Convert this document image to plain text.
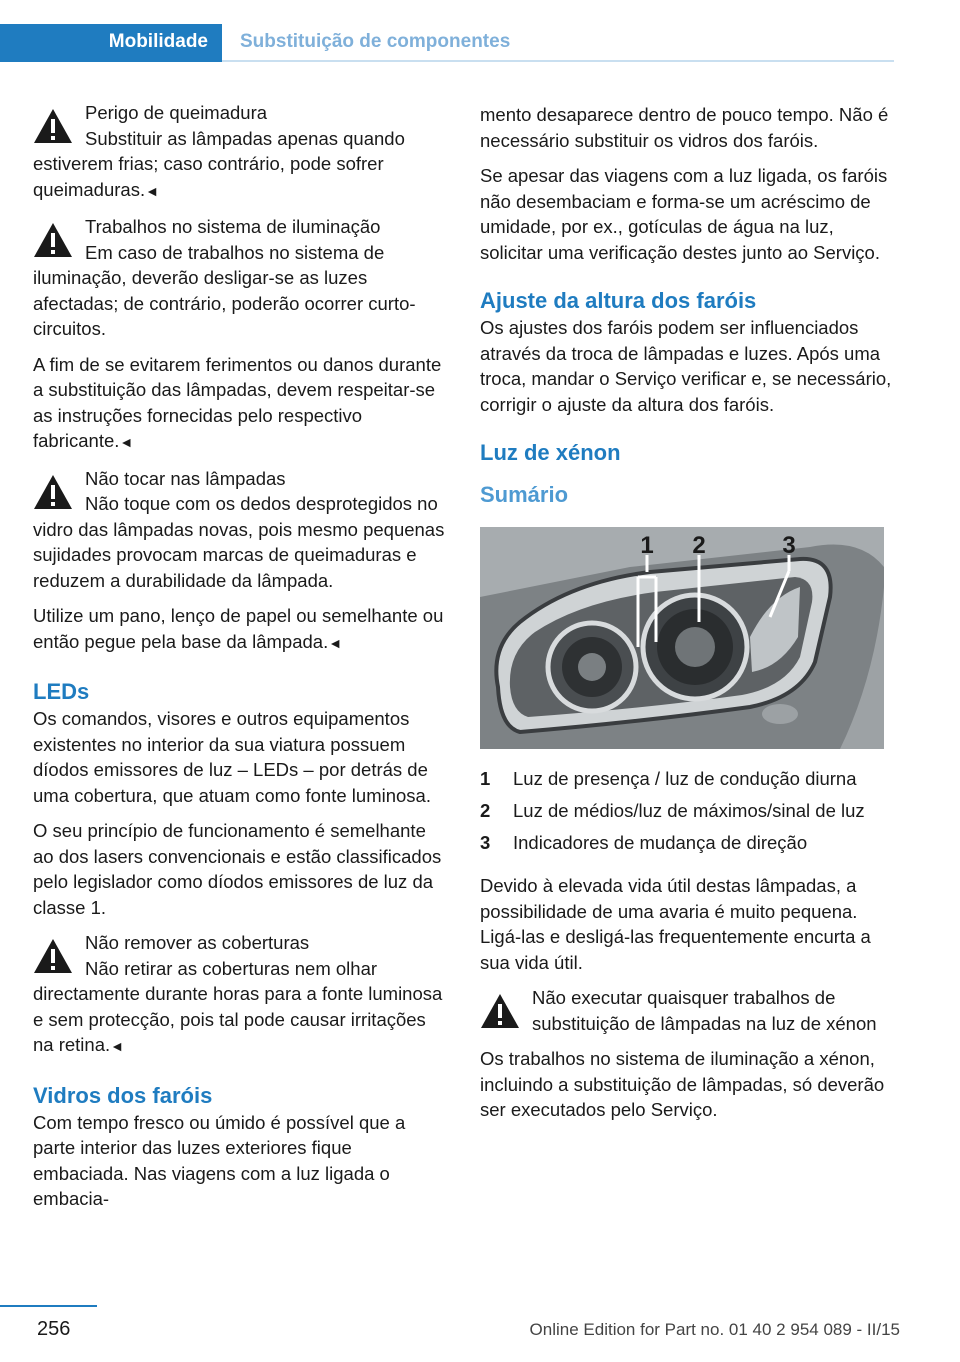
Mobilidade Substituição de componentes
Perigo de queimadura
Substituir as lâmpadas apenas quando estiverem frias; caso contrário, pode sofrer queimaduras.◄
Trabalhos no sistema de iluminação
Em caso de trabalhos no sistema de iluminação, deverão desligar-se as luzes afectadas; de contrário, poderão ocorrer curto-circuitos.

A fim de se evitarem ferimentos ou danos durante a substituição das lâmpadas, devem respeitar-se as instruções fornecidas pelo respectivo fabricante.◄

Não tocar nas lâmpadas
Não toque com os dedos desprotegidos no vidro das lâmpadas novas, pois mesmo pequenas sujidades provocam marcas de queimaduras e reduzem a durabilidade da lâmpada.

Utilize um pano, lenço de papel ou semelhante ou então pegue pela base da lâmpada.◄

LEDs

Os comandos, visores e outros equipamentos existentes no interior da sua viatura possuem díodos emissores de luz – LEDs – por detrás de uma cobertura, que atuam como fonte luminosa.

O seu princípio de funcionamento é semelhante ao dos lasers convencionais e estão classificados pelo legislador como díodos emissores de luz da classe 1.

Não remover as coberturas
Não retirar as coberturas nem olhar directamente durante horas para a fonte luminosa e sem protecção, pois tal pode causar irritações na retina.◄
Vidros dos faróis

Com tempo fresco ou úmido é possível que a parte interior das luzes exteriores fique embaciada. Nas viagens com a luz ligada o embacia-

mento desaparece dentro de pouco tempo. Não é necessário substituir os vidros dos faróis.

Se apesar das viagens com a luz ligada, os faróis não desembaciam e forma-se um acréscimo de umidade, por ex., gotículas de água na luz, solicitar uma verificação destes junto ao Serviço.

Ajuste da altura dos faróis

Os ajustes dos faróis podem ser influenciados através da troca de lâmpadas e luzes. Após uma troca, mandar o Serviço verificar e, se necessário, corrigir o ajuste da altura dos faróis.

Luz de xénon
Sumário
1 2	3
1	Luz de presença / luz de condução diurna
2	Luz de médios/luz de máximos/sinal de luz
3	Indicadores de mudança de direção

Devido à elevada vida útil destas lâmpadas, a possibilidade de uma avaria é muito pequena. Ligá-las e desligá-las frequentemente encurta a sua vida útil.

Não executar quaisquer trabalhos de substituição de lâmpadas na luz de xénon

Os trabalhos no sistema de iluminação a xénon, incluindo a substituição de lâmpadas, só deverão ser executados pelo Serviço.

256	Online Edition for Part no. 01 40 2 954 089 - II/15
